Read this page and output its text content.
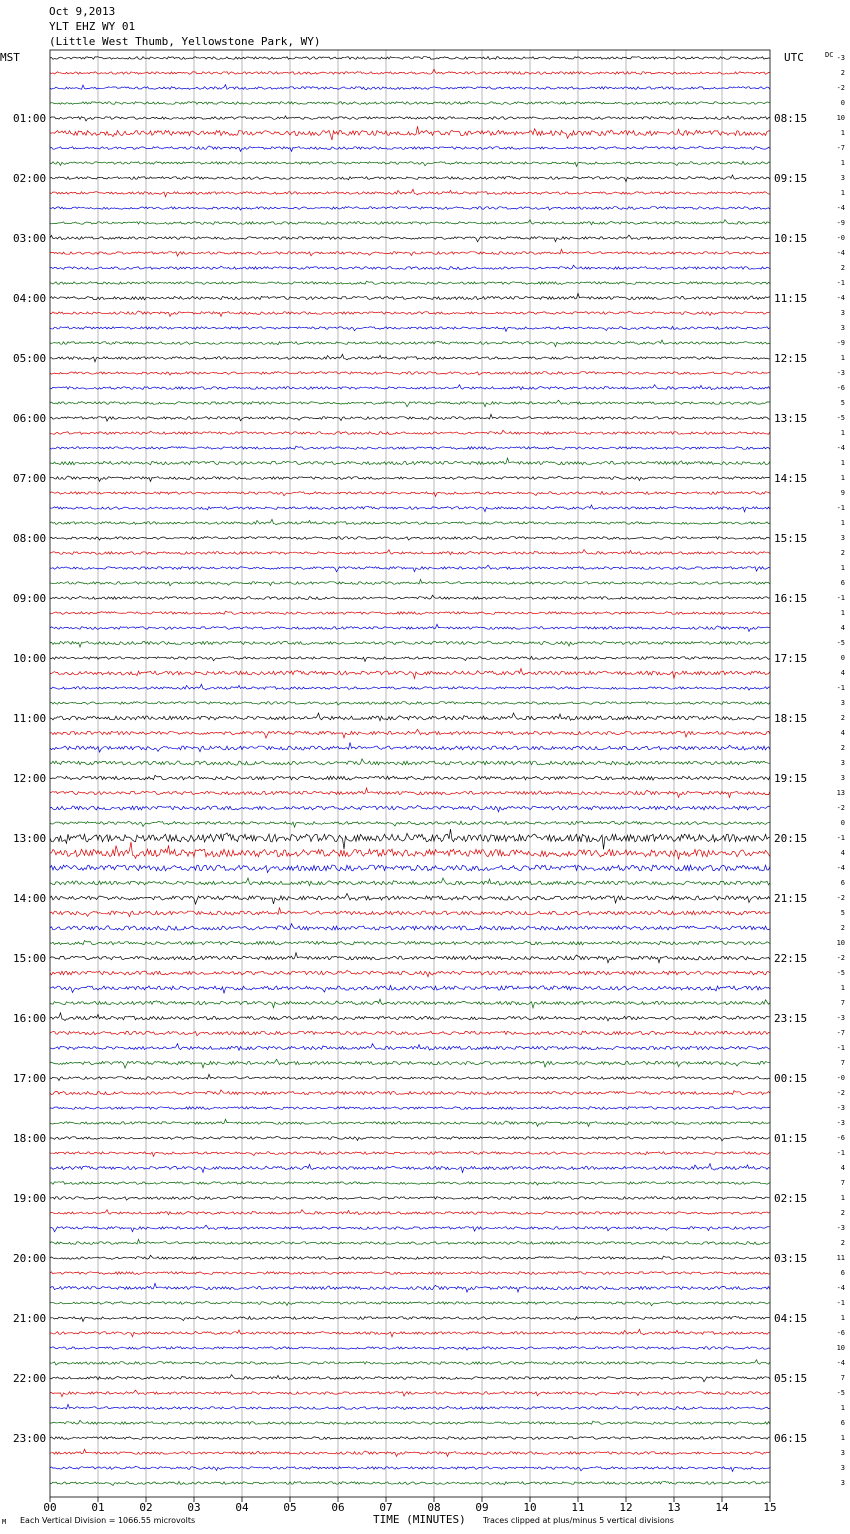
Oct 9,2013
YLT EHZ WY 01
(Little West Thumb, Yellowstone Park, WY)
MST	UTC	DC
01:00
02:00
03:00
04:00
05:00
06:00
07:00
08:00
09:00
10:00
11:00
12:00
13:00
14:00
15:00
16:00
17:00
18:00
19:00
20:00
21:00
22:00
23:00
08:15
09:15
10:15
11:15
12:15
13:15
14:15
15:15
16:15
17:15
18:15
19:15
20:15
21:15
22:15
23:15
00:15
01:15
02:15
03:15
04:15
05:15
06:15
-3
2
-2
0
10
1
-7
1
3
1
-4
-9
-0
-4
2
-1
-4
3
3
-9
1
-3
-6
5
-5
1
-4
1
1
9
-1
1
3
2
1
6
-1
1
4
-5
0
4
-1
3
2
4
2
3
3
13
-2
0
-1
4
-4
6
-2
5
2
10
-2
-5
1
7
-3
-7
-1
7
-0
-2
-3
-3
-6
-1
4
7
1
2
-3
2
11
6
-4
-1
1
-6
10
-4
7
-5
1
6
1
3
3
3
00	01	02	03	04	05	06	07	08	09	10	11	12	13	14	15
TIME (MINUTES)
M Each Vertical Division = 1066.55 microvolts	Traces clipped at plus/minus 5 vertical divisions
